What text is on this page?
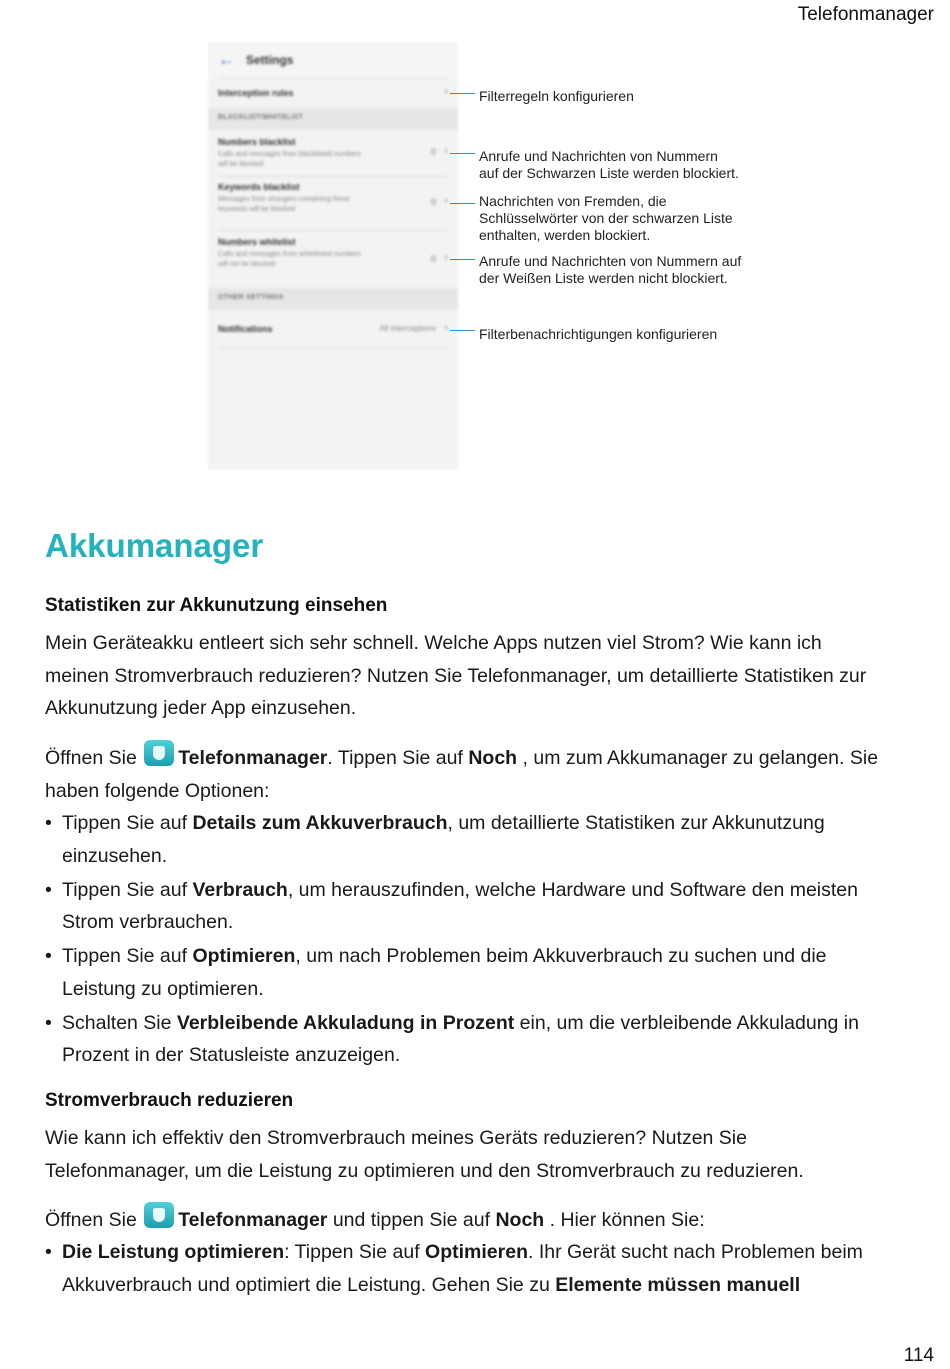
Telefonmanager
← Settings
Interception rules	›
BLACKLIST/WHITELIST
Numbers blacklist
Calls and messages from blacklisted numbers will be blocked
0 ›
Keywords blacklist
Messages from strangers containing these keywords will be blocked
0 ›
Numbers whitelist
Calls and messages from whitelisted numbers will not be blocked
0 ›
OTHER SETTINGS
Notifications	All interceptions ›
Filterregeln konfigurieren
Anrufe und Nachrichten von Nummern
auf der Schwarzen Liste werden blockiert.
Nachrichten von Fremden, die
Schlüsselwörter von der schwarzen Liste
enthalten, werden blockiert.
Anrufe und Nachrichten von Nummern auf
der Weißen Liste werden nicht blockiert.
Filterbenachrichtigungen konfigurieren
Akkumanager
Statistiken zur Akkunutzung einsehen
Mein Geräteakku entleert sich sehr schnell. Welche Apps nutzen viel Strom? Wie kann ich
meinen Stromverbrauch reduzieren? Nutzen Sie Telefonmanager, um detaillierte Statistiken zur
Akkunutzung jeder App einzusehen.
Öffnen Sie Telefonmanager. Tippen Sie auf Noch , um zum Akkumanager zu gelangen. Sie
haben folgende Optionen:
• Tippen Sie auf Details zum Akkuverbrauch, um detaillierte Statistiken zur Akkunutzung
einzusehen.
• Tippen Sie auf Verbrauch, um herauszufinden, welche Hardware und Software den meisten
Strom verbrauchen.
• Tippen Sie auf Optimieren, um nach Problemen beim Akkuverbrauch zu suchen und die
Leistung zu optimieren.
• Schalten Sie Verbleibende Akkuladung in Prozent ein, um die verbleibende Akkuladung in
Prozent in der Statusleiste anzuzeigen.
Stromverbrauch reduzieren
Wie kann ich effektiv den Stromverbrauch meines Geräts reduzieren? Nutzen Sie
Telefonmanager, um die Leistung zu optimieren und den Stromverbrauch zu reduzieren.
Öffnen Sie Telefonmanager und tippen Sie auf Noch . Hier können Sie:
• Die Leistung optimieren: Tippen Sie auf Optimieren. Ihr Gerät sucht nach Problemen beim
Akkuverbrauch und optimiert die Leistung. Gehen Sie zu Elemente müssen manuell
114
